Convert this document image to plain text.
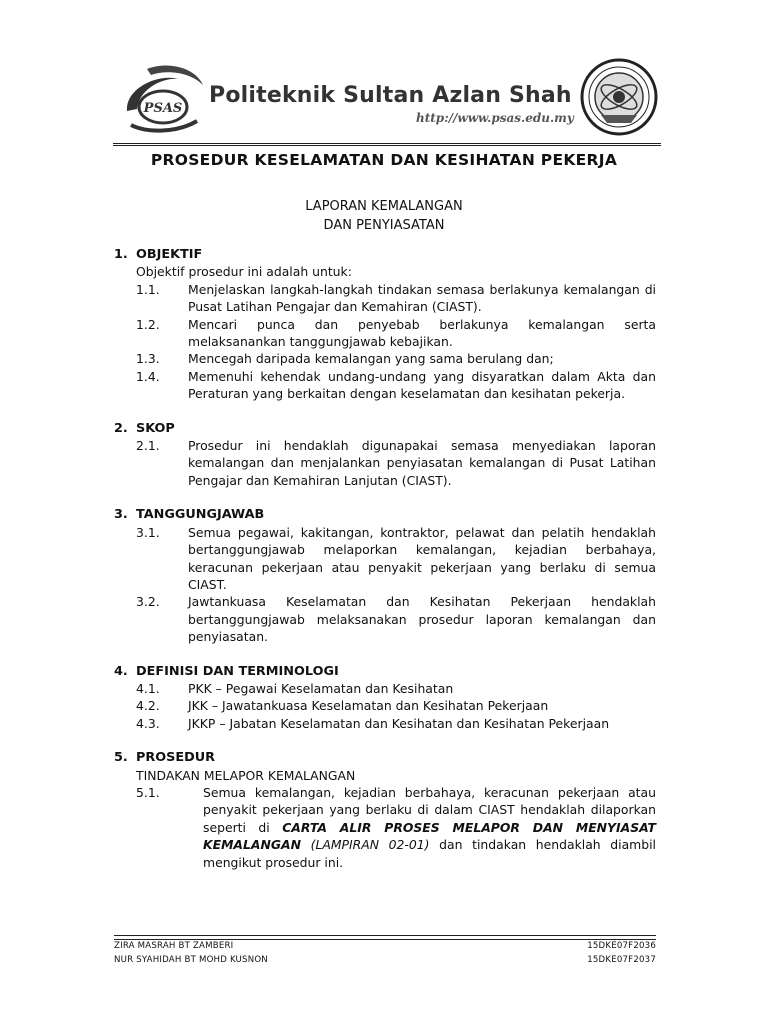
PSAS
Politeknik Sultan Azlan Shah
http://www.psas.edu.my
PROSEDUR KESELAMATAN DAN KESIHATAN PEKERJA
LAPORAN KEMALANGAN
DAN PENYIASATAN
1. OBJEKTIF
Objektif prosedur ini adalah untuk:
1.1.	Menjelaskan langkah-langkah tindakan semasa berlakunya kemalangan di Pusat Latihan Pengajar dan Kemahiran (CIAST).
1.2.	Mencari punca dan penyebab berlakunya kemalangan serta melaksanankan tanggungjawab kebajikan.
1.3.	Mencegah daripada kemalangan yang sama berulang dan;
1.4.	Memenuhi kehendak undang-undang yang disyaratkan dalam Akta dan Peraturan yang berkaitan dengan keselamatan dan kesihatan pekerja.
2. SKOP
2.1.	Prosedur ini hendaklah digunapakai semasa menyediakan laporan kemalangan dan menjalankan penyiasatan kemalangan di Pusat Latihan Pengajar dan Kemahiran Lanjutan (CIAST).
3. TANGGUNGJAWAB
3.1.	Semua pegawai, kakitangan, kontraktor, pelawat dan pelatih hendaklah bertanggungjawab melaporkan kemalangan, kejadian berbahaya, keracunan pekerjaan atau penyakit pekerjaan yang berlaku di semua CIAST.
3.2.	Jawtankuasa Keselamatan dan Kesihatan Pekerjaan hendaklah bertanggungjawab melaksanakan prosedur laporan kemalangan dan penyiasatan.
4. DEFINISI DAN TERMINOLOGI
4.1.	PKK – Pegawai Keselamatan dan Kesihatan
4.2.	JKK – Jawatankuasa Keselamatan dan Kesihatan Pekerjaan
4.3.	JKKP – Jabatan Keselamatan dan Kesihatan dan Kesihatan Pekerjaan
5. PROSEDUR
TINDAKAN MELAPOR KEMALANGAN
5.1.	Semua kemalangan, kejadian berbahaya, keracunan pekerjaan atau penyakit pekerjaan yang berlaku di dalam CIAST hendaklah dilaporkan seperti di CARTA ALIR PROSES MELAPOR DAN MENYIASAT KEMALANGAN (LAMPIRAN 02-01) dan tindakan hendaklah diambil mengikut prosedur ini.
ZIRA MASRAH BT ZAMBERI	15DKE07F2036
NUR SYAHIDAH BT MOHD KUSNON	15DKE07F2037
